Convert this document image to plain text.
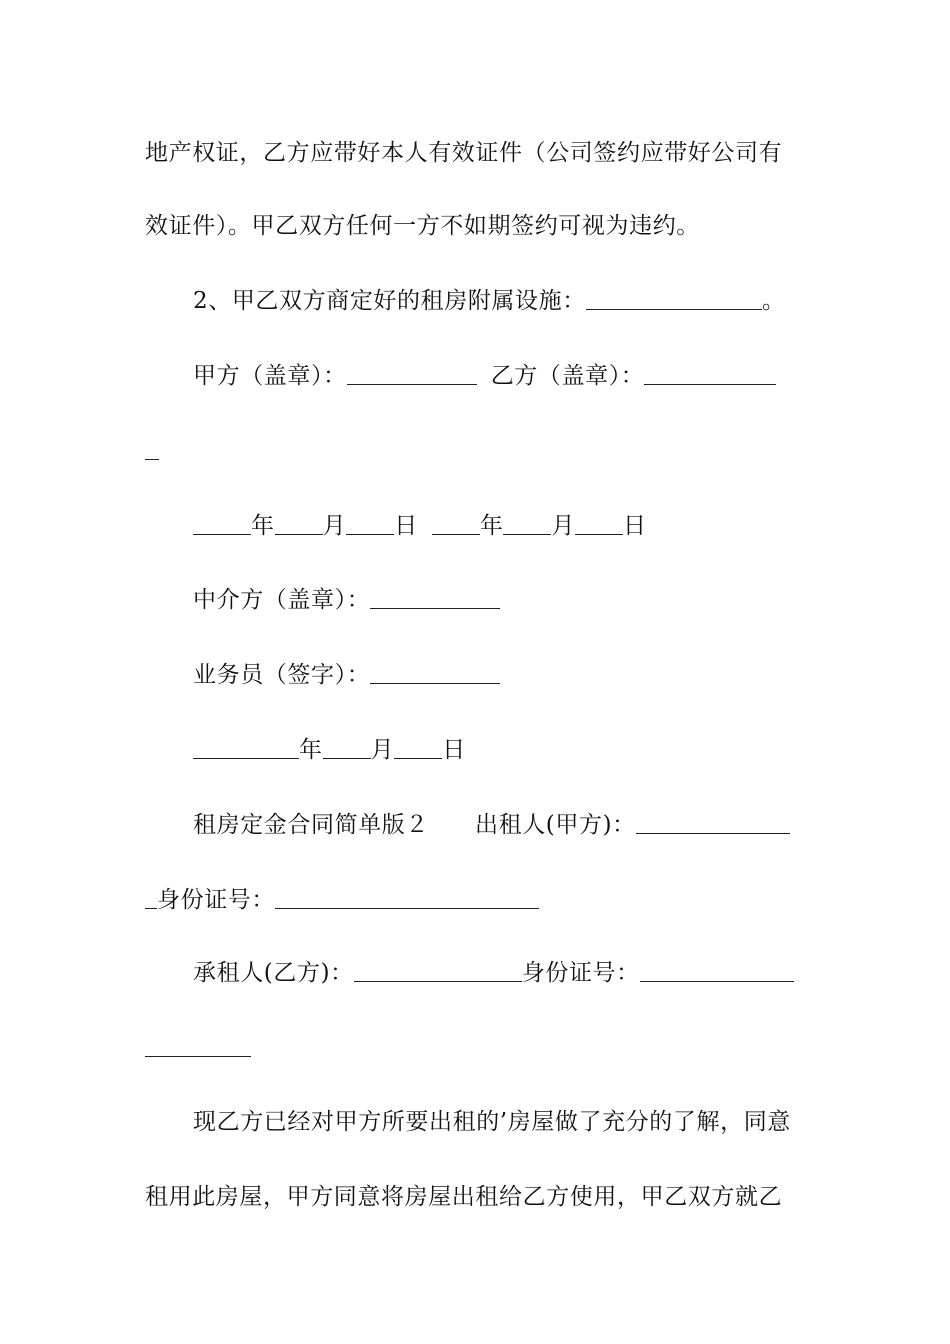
地产权证，乙方应带好本人有效证件（公司签约应带好公司有
效证件）。甲乙双方任何一方不如期签约可视为违约。
2、甲乙双方商定好的租房附属设施：	。
甲方（盖章）：	乙方（盖章）：
年 月 日	年 月 日
中介方（盖章）：
业务员（签字）：
年 月 日
租房定金合同简单版２ 出租人(甲方)：
身份证号：
承租人(乙方)：	身份证号：
现乙方已经对甲方所要出租的’房屋做了充分的了解，同意
租用此房屋，甲方同意将房屋出租给乙方使用，甲乙双方就乙
